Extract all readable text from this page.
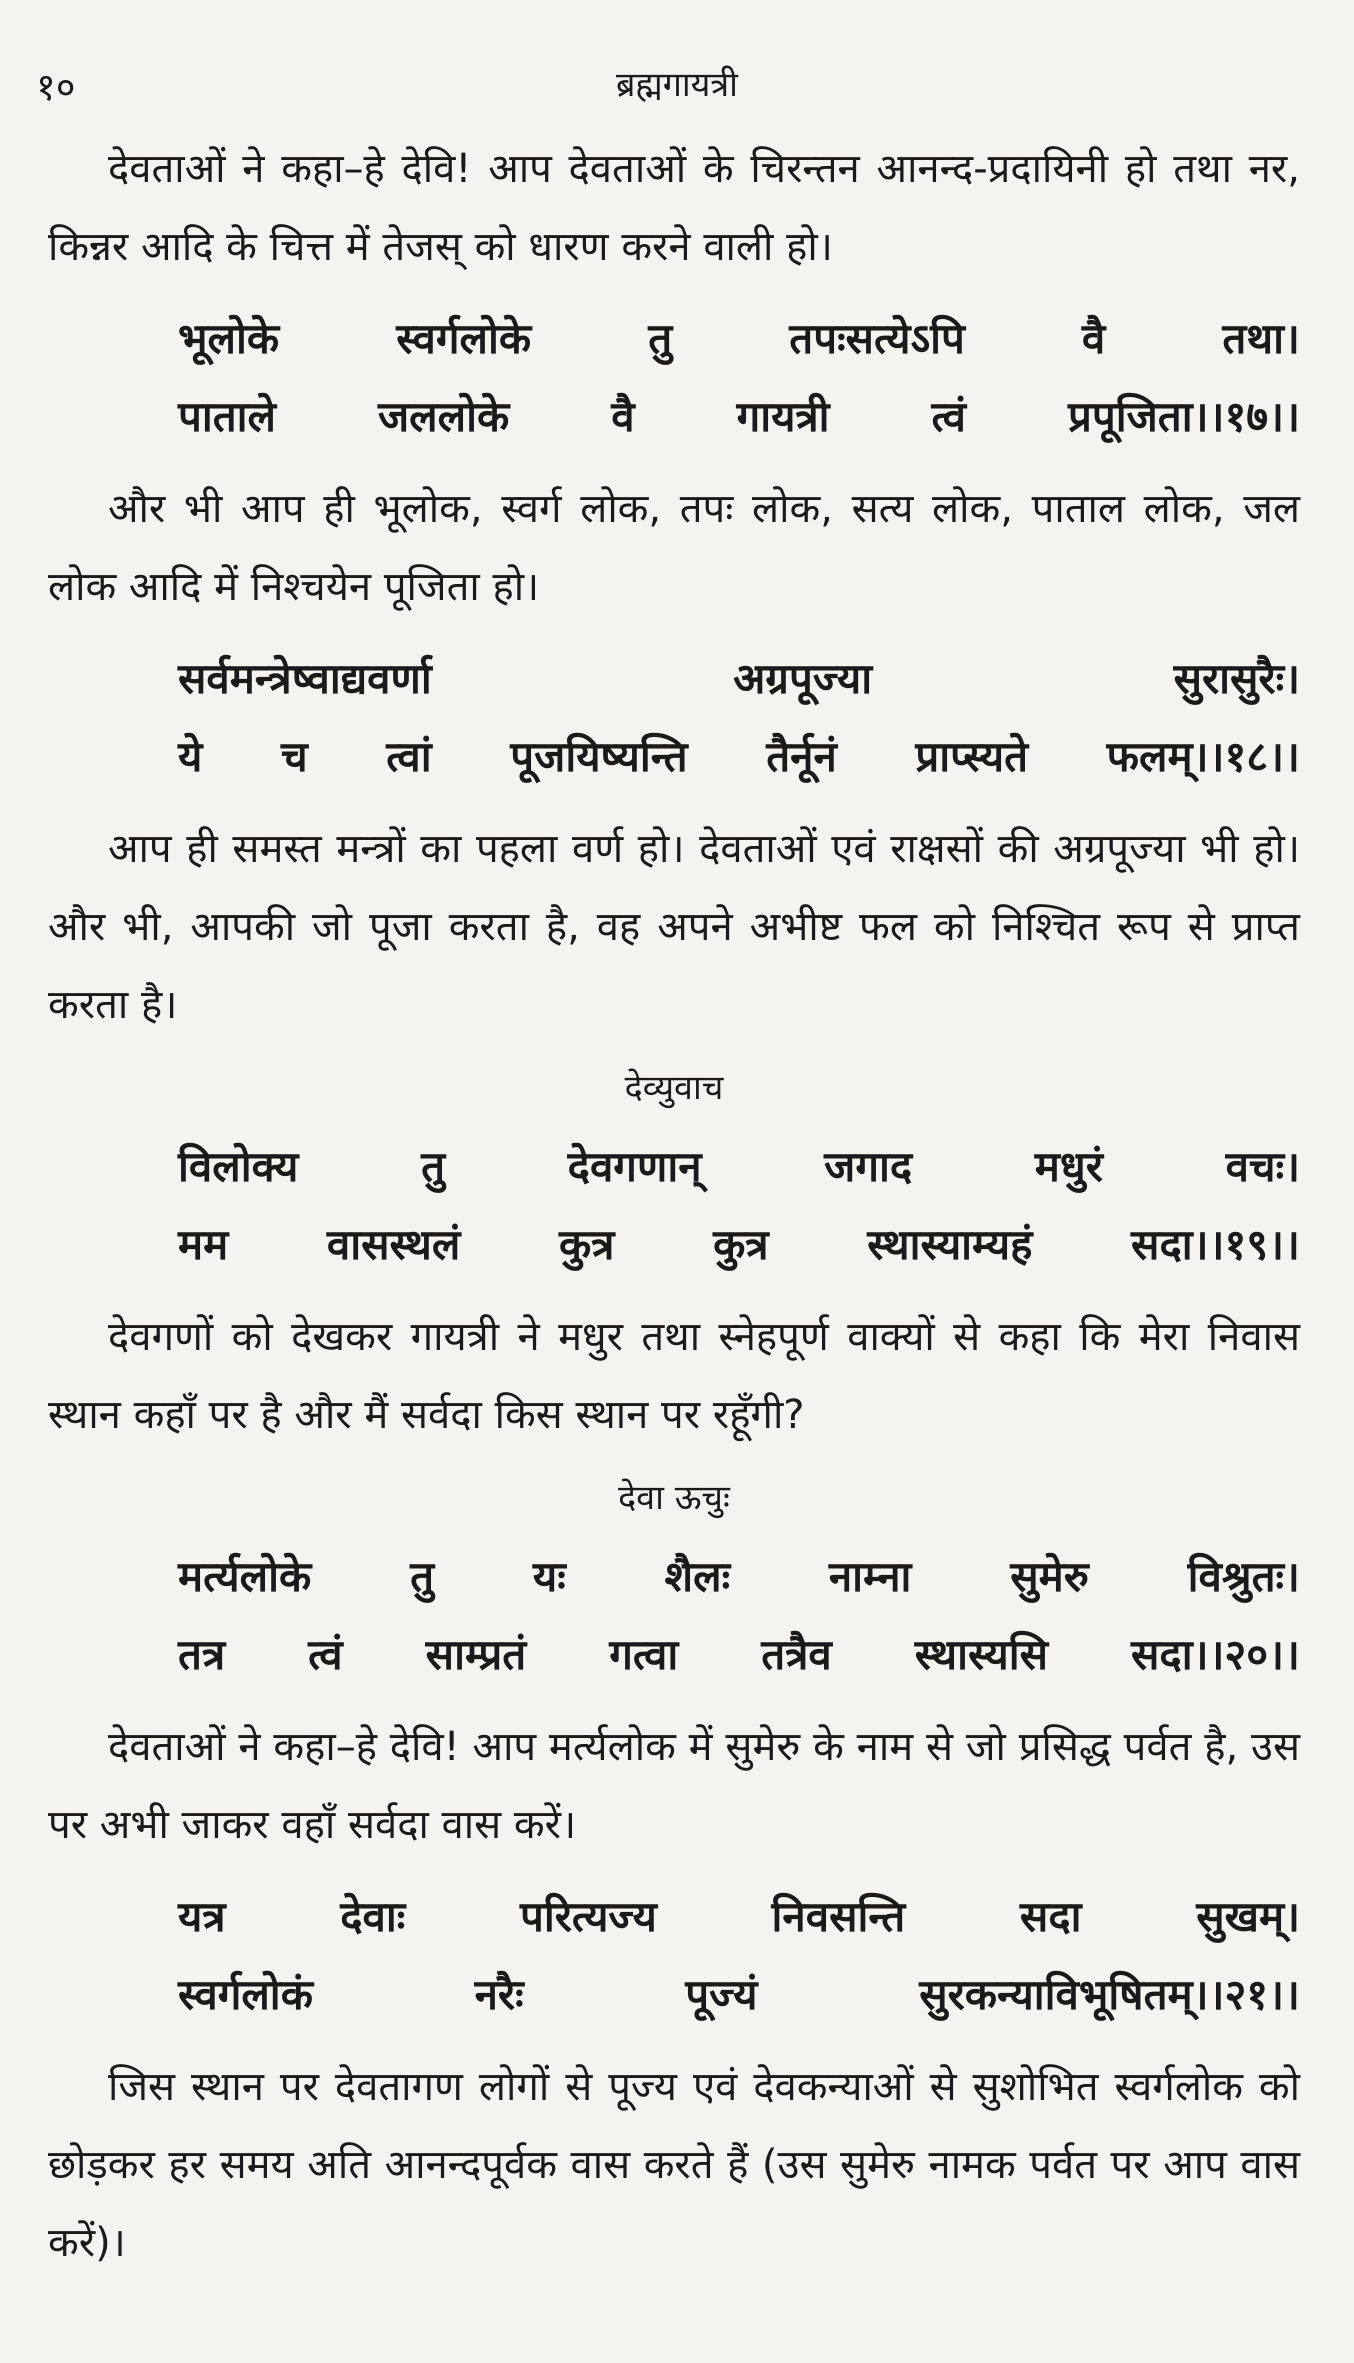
१०	ब्रह्मगायत्री

देवताओं ने कहा–हे देवि! आप देवताओं के चिरन्तन आनन्द-प्रदायिनी हो तथा नर, किन्नर आदि के चित्त में तेजस् को धारण करने वाली हो।

भूलोके	स्वर्गलोके	तु	तपःसत्येऽपि	वै	तथा।
पाताले जललोके वै गायत्री त्वं प्रपूजिता।।१७।।

और भी आप ही भूलोक, स्वर्ग लोक, तपः लोक, सत्य लोक, पाताल लोक, जल लोक आदि में निश्चयेन पूजिता हो।

सर्वमन्त्रेष्वाद्यवर्णा	अग्रपूज्या	सुरासुरैः।
ये च त्वां पूजयिष्यन्ति तैर्नूनं प्राप्स्यते फलम्।।१८।।

आप ही समस्त मन्त्रों का पहला वर्ण हो। देवताओं एवं राक्षसों की अग्रपूज्या भी हो। और भी, आपकी जो पूजा करता है, वह अपने अभीष्ट फल को निश्चित रूप से प्राप्त करता है।

देव्युवाच
विलोक्य	तु	देवगणान्	जगाद	मधुरं	वचः।
मम वासस्थलं कुत्र कुत्र स्थास्याम्यहं सदा।।१९।।

देवगणों को देखकर गायत्री ने मधुर तथा स्नेहपूर्ण वाक्यों से कहा कि मेरा निवास स्थान कहाँ पर है और मैं सर्वदा किस स्थान पर रहूँगी?

देवा ऊचुः
मर्त्यलोके तु यः शैलः नाम्ना सुमेरु विश्रुतः।
तत्र त्वं साम्प्रतं गत्वा तत्रैव स्थास्यसि सदा।।२०।।

देवताओं ने कहा–हे देवि! आप मर्त्यलोक में सुमेरु के नाम से जो प्रसिद्ध पर्वत है, उस पर अभी जाकर वहाँ सर्वदा वास करें।

यत्र	देवाः	परित्यज्य	निवसन्ति	सदा	सुखम्।
स्वर्गलोकं	नरैः	पूज्यं	सुरकन्याविभूषितम्।।२१।।

जिस स्थान पर देवतागण लोगों से पूज्य एवं देवकन्याओं से सुशोभित स्वर्गलोक को छोड़कर हर समय अति आनन्दपूर्वक वास करते हैं (उस सुमेरु नामक पर्वत पर आप वास करें)।
